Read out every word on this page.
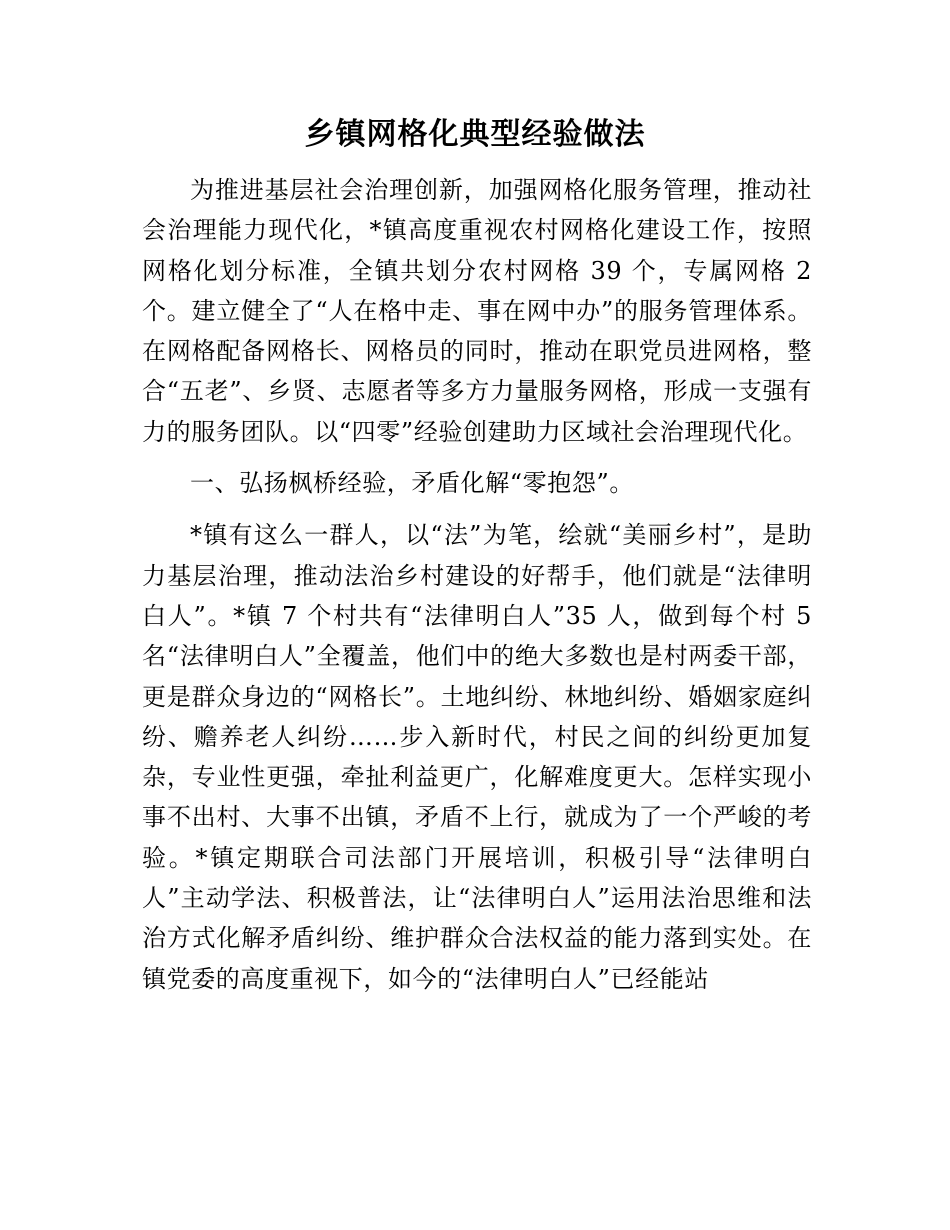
乡镇网格化典型经验做法

为推进基层社会治理创新，加强网格化服务管理，推动社会治理能力现代化，*镇高度重视农村网格化建设工作，按照网格化划分标准，全镇共划分农村网格 39 个，专属网格 2 个。建立健全了“人在格中走、事在网中办”的服务管理体系。在网格配备网格长、网格员的同时，推动在职党员进网格，整合“五老”、乡贤、志愿者等多方力量服务网格，形成一支强有力的服务团队。以“四零”经验创建助力区域社会治理现代化。

一、弘扬枫桥经验，矛盾化解“零抱怨”。

*镇有这么一群人，以“法”为笔，绘就“美丽乡村”，是助力基层治理，推动法治乡村建设的好帮手，他们就是“法律明白人”。*镇 7 个村共有“法律明白人”35 人，做到每个村 5 名“法律明白人”全覆盖，他们中的绝大多数也是村两委干部，更是群众身边的“网格长”。土地纠纷、林地纠纷、婚姻家庭纠纷、赡养老人纠纷……步入新时代，村民之间的纠纷更加复杂，专业性更强，牵扯利益更广，化解难度更大。怎样实现小事不出村、大事不出镇，矛盾不上行，就成为了一个严峻的考验。*镇定期联合司法部门开展培训，积极引导“法律明白人”主动学法、积极普法，让“法律明白人”运用法治思维和法治方式化解矛盾纠纷、维护群众合法权益的能力落到实处。在镇党委的高度重视下，如今的“法律明白人”已经能站
